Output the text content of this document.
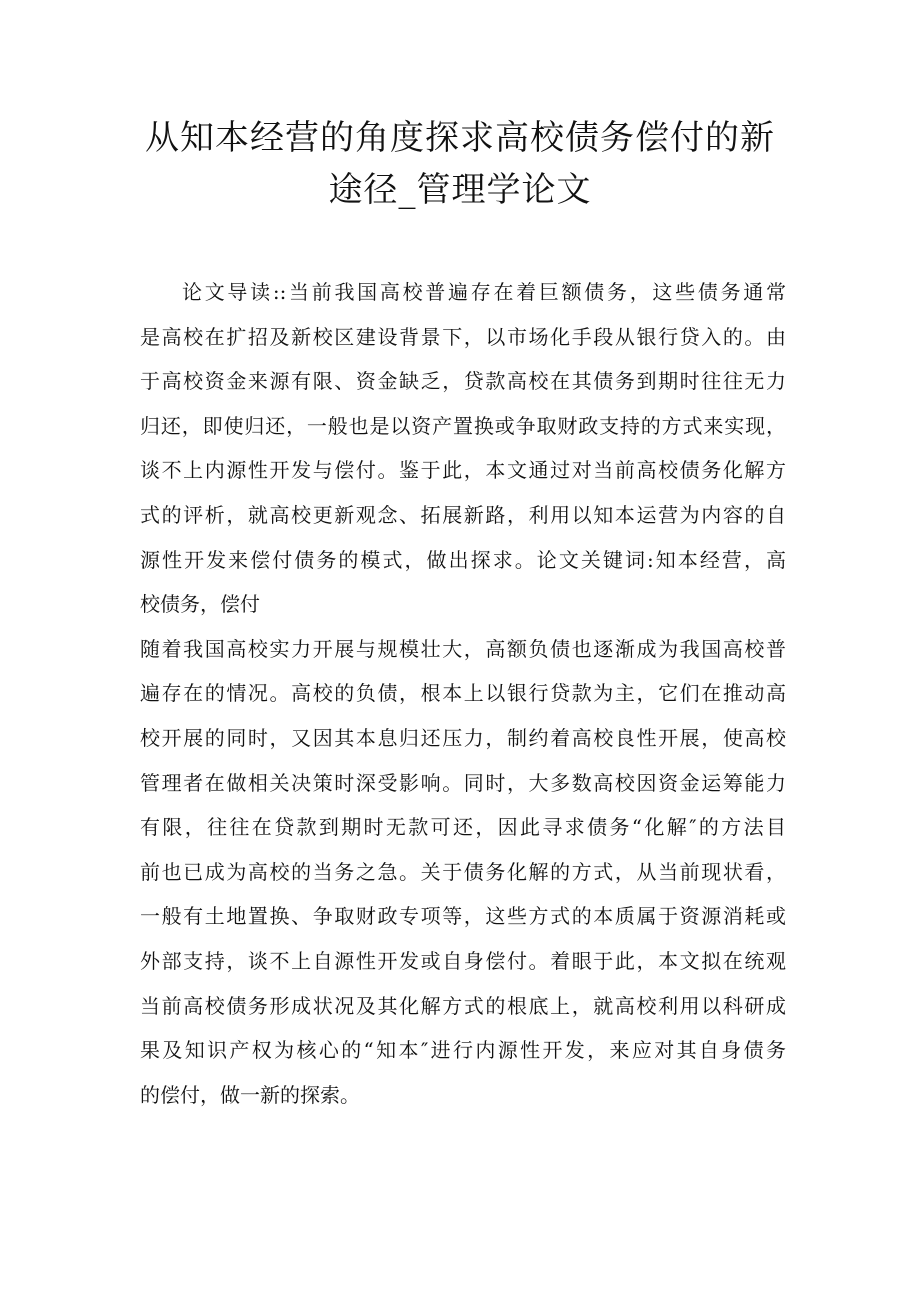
从知本经营的角度探求高校债务偿付的新
途径_管理学论文
论文导读::当前我国高校普遍存在着巨额债务，这些债务通常
是高校在扩招及新校区建设背景下，以市场化手段从银行贷入的。由
于高校资金来源有限、资金缺乏，贷款高校在其债务到期时往往无力
归还，即使归还，一般也是以资产置换或争取财政支持的方式来实现，
谈不上内源性开发与偿付。鉴于此，本文通过对当前高校债务化解方
式的评析，就高校更新观念、拓展新路，利用以知本运营为内容的自
源性开发来偿付债务的模式，做出探求。论文关键词:知本经营，高
校债务，偿付
随着我国高校实力开展与规模壮大，高额负债也逐渐成为我国高校普
遍存在的情况。高校的负债，根本上以银行贷款为主，它们在推动高
校开展的同时，又因其本息归还压力，制约着高校良性开展，使高校
管理者在做相关决策时深受影响。同时，大多数高校因资金运筹能力
有限，往往在贷款到期时无款可还，因此寻求债务“化解″的方法目
前也已成为高校的当务之急。关于债务化解的方式，从当前现状看，
一般有土地置换、争取财政专项等，这些方式的本质属于资源消耗或
外部支持，谈不上自源性开发或自身偿付。着眼于此，本文拟在统观
当前高校债务形成状况及其化解方式的根底上，就高校利用以科研成
果及知识产权为核心的“知本″进行内源性开发，来应对其自身债务
的偿付，做一新的探索。
